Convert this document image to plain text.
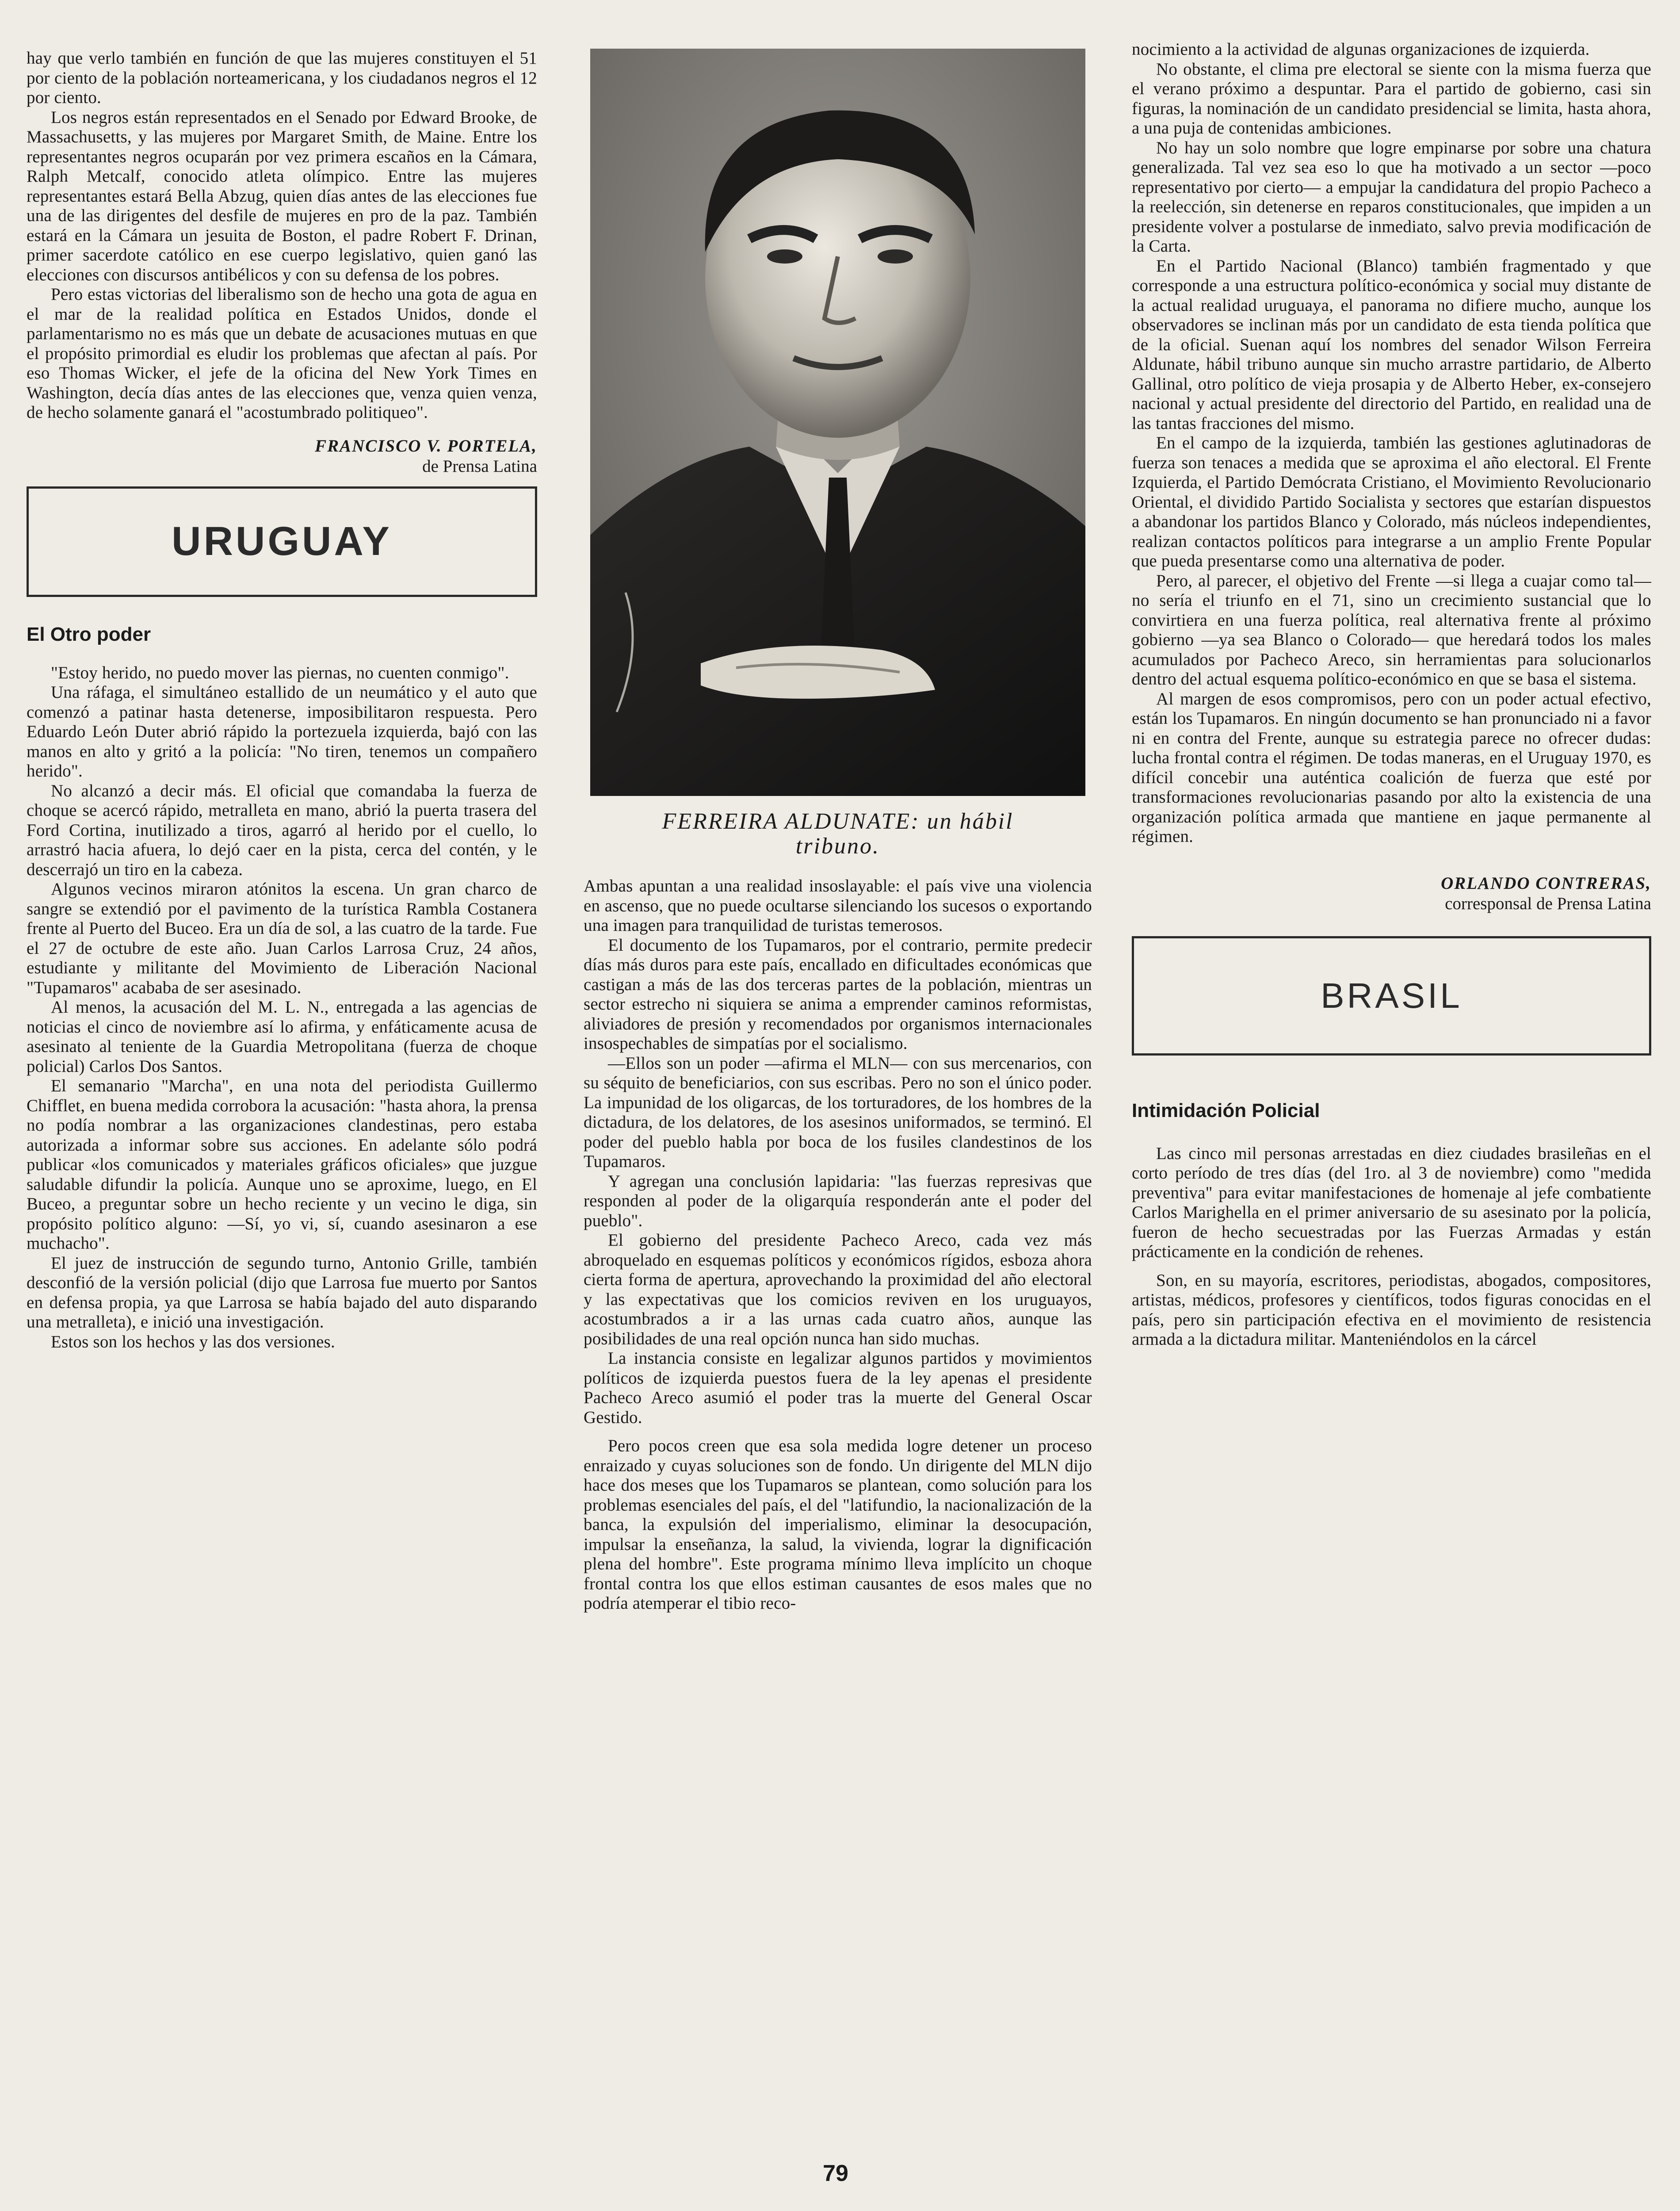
hay que verlo también en función de que las mujeres constituyen el 51 por ciento de la población norteamericana, y los ciudadanos negros el 12 por ciento.

Los negros están representados en el Senado por Edward Brooke, de Massachusetts, y las mujeres por Margaret Smith, de Maine. Entre los representantes negros ocuparán por vez primera escaños en la Cámara, Ralph Metcalf, conocido atleta olímpico. Entre las mujeres representantes estará Bella Abzug, quien días antes de las elecciones fue una de las dirigentes del desfile de mujeres en pro de la paz. También estará en la Cámara un jesuita de Boston, el padre Robert F. Drinan, primer sacerdote católico en ese cuerpo legislativo, quien ganó las elecciones con discursos antibélicos y con su defensa de los pobres.

Pero estas victorias del liberalismo son de hecho una gota de agua en el mar de la realidad política en Estados Unidos, donde el parlamentarismo no es más que un debate de acusaciones mutuas en que el propósito primordial es eludir los problemas que afectan al país. Por eso Thomas Wicker, el jefe de la oficina del New York Times en Washington, decía días antes de las elecciones que, venza quien venza, de hecho solamente ganará el "acostumbrado politiqueo".

FRANCISCO V. PORTELA,

de Prensa Latina

URUGUAY

El Otro poder

"Estoy herido, no puedo mover las piernas, no cuenten conmigo".

Una ráfaga, el simultáneo estallido de un neumático y el auto que comenzó a patinar hasta detenerse, imposibilitaron respuesta. Pero Eduardo León Duter abrió rápido la portezuela izquierda, bajó con las manos en alto y gritó a la policía: "No tiren, tenemos un compañero herido".

No alcanzó a decir más. El oficial que comandaba la fuerza de choque se acercó rápido, metralleta en mano, abrió la puerta trasera del Ford Cortina, inutilizado a tiros, agarró al herido por el cuello, lo arrastró hacia afuera, lo dejó caer en la pista, cerca del contén, y le descerrajó un tiro en la cabeza.

Algunos vecinos miraron atónitos la escena. Un gran charco de sangre se extendió por el pavimento de la turística Rambla Costanera frente al Puerto del Buceo. Era un día de sol, a las cuatro de la tarde. Fue el 27 de octubre de este año. Juan Carlos Larrosa Cruz, 24 años, estudiante y militante del Movimiento de Liberación Nacional "Tupamaros" acababa de ser asesinado.

Al menos, la acusación del M. L. N., entregada a las agencias de noticias el cinco de noviembre así lo afirma, y enfáticamente acusa de asesinato al teniente de la Guardia Metropolitana (fuerza de choque policial) Carlos Dos Santos.

El semanario "Marcha", en una nota del periodista Guillermo Chifflet, en buena medida corrobora la acusación: "hasta ahora, la prensa no podía nombrar a las organizaciones clandestinas, pero estaba autorizada a informar sobre sus acciones. En adelante sólo podrá publicar «los comunicados y materiales gráficos oficiales» que juzgue saludable difundir la policía. Aunque uno se aproxime, luego, en El Buceo, a preguntar sobre un hecho reciente y un vecino le diga, sin propósito político alguno: —Sí, yo vi, sí, cuando asesinaron a ese muchacho".

El juez de instrucción de segundo turno, Antonio Grille, también desconfió de la versión policial (dijo que Larrosa fue muerto por Santos en defensa propia, ya que Larrosa se había bajado del auto disparando una metralleta), e inició una investigación.

Estos son los hechos y las dos versiones.

FERREIRA ALDUNATE: un hábil

tribuno.

Ambas apuntan a una realidad insoslayable: el país vive una violencia en ascenso, que no puede ocultarse silenciando los sucesos o exportando una imagen para tranquilidad de turistas temerosos.

El documento de los Tupamaros, por el contrario, permite predecir días más duros para este país, encallado en dificultades económicas que castigan a más de las dos terceras partes de la población, mientras un sector estrecho ni siquiera se anima a emprender caminos reformistas, aliviadores de presión y recomendados por organismos internacionales insospechables de simpatías por el socialismo.

—Ellos son un poder —afirma el MLN— con sus mercenarios, con su séquito de beneficiarios, con sus escribas. Pero no son el único poder. La impunidad de los oligarcas, de los torturadores, de los hombres de la dictadura, de los delatores, de los asesinos uniformados, se terminó. El poder del pueblo habla por boca de los fusiles clandestinos de los Tupamaros.

Y agregan una conclusión lapidaria: "las fuerzas represivas que responden al poder de la oligarquía responderán ante el poder del pueblo".

El gobierno del presidente Pacheco Areco, cada vez más abroquelado en esquemas políticos y económicos rígidos, esboza ahora cierta forma de apertura, aprovechando la proximidad del año electoral y las expectativas que los comicios reviven en los uruguayos, acostumbrados a ir a las urnas cada cuatro años, aunque las posibilidades de una real opción nunca han sido muchas.

La instancia consiste en legalizar algunos partidos y movimientos políticos de izquierda puestos fuera de la ley apenas el presidente Pacheco Areco asumió el poder tras la muerte del General Oscar Gestido.

Pero pocos creen que esa sola medida logre detener un proceso enraizado y cuyas soluciones son de fondo. Un dirigente del MLN dijo hace dos meses que los Tupamaros se plantean, como solución para los problemas esenciales del país, el del "latifundio, la nacionalización de la banca, la expulsión del imperialismo, eliminar la desocupación, impulsar la enseñanza, la salud, la vivienda, lograr la dignificación plena del hombre". Este programa mínimo lleva implícito un choque frontal contra los que ellos estiman causantes de esos males que no podría atemperar el tibio reco-

nocimiento a la actividad de algunas organizaciones de izquierda.

No obstante, el clima pre electoral se siente con la misma fuerza que el verano próximo a despuntar. Para el partido de gobierno, casi sin figuras, la nominación de un candidato presidencial se limita, hasta ahora, a una puja de contenidas ambiciones.

No hay un solo nombre que logre empinarse por sobre una chatura generalizada. Tal vez sea eso lo que ha motivado a un sector —poco representativo por cierto— a empujar la candidatura del propio Pacheco a la reelección, sin detenerse en reparos constitucionales, que impiden a un presidente volver a postularse de inmediato, salvo previa modificación de la Carta.

En el Partido Nacional (Blanco) también fragmentado y que corresponde a una estructura político-económica y social muy distante de la actual realidad uruguaya, el panorama no difiere mucho, aunque los observadores se inclinan más por un candidato de esta tienda política que de la oficial. Suenan aquí los nombres del senador Wilson Ferreira Aldunate, hábil tribuno aunque sin mucho arrastre partidario, de Alberto Gallinal, otro político de vieja prosapia y de Alberto Heber, ex-consejero nacional y actual presidente del directorio del Partido, en realidad una de las tantas fracciones del mismo.

En el campo de la izquierda, también las gestiones aglutinadoras de fuerza son tenaces a medida que se aproxima el año electoral. El Frente Izquierda, el Partido Demócrata Cristiano, el Movimiento Revolucionario Oriental, el dividido Partido Socialista y sectores que estarían dispuestos a abandonar los partidos Blanco y Colorado, más núcleos independientes, realizan contactos políticos para integrarse a un amplio Frente Popular que pueda presentarse como una alternativa de poder.

Pero, al parecer, el objetivo del Frente —si llega a cuajar como tal— no sería el triunfo en el 71, sino un crecimiento sustancial que lo convirtiera en una fuerza política, real alternativa frente al próximo gobierno —ya sea Blanco o Colorado— que heredará todos los males acumulados por Pacheco Areco, sin herramientas para solucionarlos dentro del actual esquema político-económico en que se basa el sistema.

Al margen de esos compromisos, pero con un poder actual efectivo, están los Tupamaros. En ningún documento se han pronunciado ni a favor ni en contra del Frente, aunque su estrategia parece no ofrecer dudas: lucha frontal contra el régimen. De todas maneras, en el Uruguay 1970, es difícil concebir una auténtica coalición de fuerza que esté por transformaciones revolucionarias pasando por alto la existencia de una organización política armada que mantiene en jaque permanente al régimen.

ORLANDO CONTRERAS,

corresponsal de Prensa Latina

BRASIL

Intimidación Policial

Las cinco mil personas arrestadas en diez ciudades brasileñas en el corto período de tres días (del 1ro. al 3 de noviembre) como "medida preventiva" para evitar manifestaciones de homenaje al jefe combatiente Carlos Marighella en el primer aniversario de su asesinato por la policía, fueron de hecho secuestradas por las Fuerzas Armadas y están prácticamente en la condición de rehenes.

Son, en su mayoría, escritores, periodistas, abogados, compositores, artistas, médicos, profesores y científicos, todos figuras conocidas en el país, pero sin participación efectiva en el movimiento de resistencia armada a la dictadura militar. Manteniéndolos en la cárcel

79
